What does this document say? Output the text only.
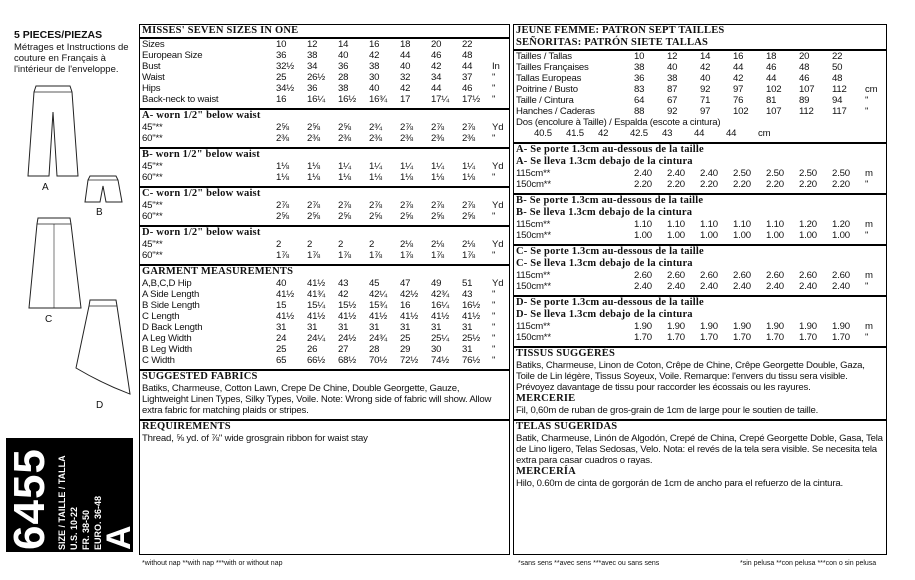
5 PIECES/PIEZAS
Métrages et Instructions de couture en Français à l'intérieur de l'enveloppe.
A
B
C
D
6455 SIZE / TAILLE / TALLA U.S. 10-22 FR. 38-50 EURO. 36-48
A
MISSES' SEVEN SIZES IN ONE
Sizes	10	12	14	16	18	20	22
European Size	36	38	40	42	44	46	48
Bust	32½	34	36	38	40	42	44	In
Waist	25	26½	28	30	32	34	37	"
Hips	34½	36	38	40	42	44	46	"
Back-neck to waist	16	16¼	16½	16¾	17	17¼	17½	"
A- worn 1/2" below waist
45"**	2⅝	2⅝	2⅝	2¾	2⅞	2⅞	2⅞	Yd
60"**	2⅜	2⅜	2⅜	2⅜	2⅜	2⅜	2⅜	"
B- worn 1/2" below waist
45"**	1⅛	1⅛	1¼	1¼	1¼	1¼	1¼	Yd
60"**	1⅛	1⅛	1⅛	1⅛	1⅛	1⅛	1⅛	"
C- worn 1/2" below waist
45"**	2⅞	2⅞	2⅞	2⅞	2⅞	2⅞	2⅞	Yd
60"**	2⅝	2⅝	2⅝	2⅝	2⅝	2⅝	2⅝	"
D- worn 1/2" below waist
45"**	2	2	2	2	2⅛	2⅛	2⅛	Yd
60"**	1⅞	1⅞	1⅞	1⅞	1⅞	1⅞	1⅞	"
GARMENT MEASUREMENTS
A,B,C,D Hip	40	41½	43	45	47	49	51	Yd
A Side Length	41½	41¾	42	42¼	42½	42¾	43	"
B Side Length	15	15¼	15½	15¾	16	16¼	16½	"
C Length	41½	41½	41½	41½	41½	41½	41½	"
D Back Length	31	31	31	31	31	31	31	"
A Leg Width	24	24¼	24½	24¾	25	25¼	25½	"
B Leg Width	25	26	27	28	29	30	31	"
C Width	65	66½	68½	70½	72½	74½	76½	"
SUGGESTED FABRICS
Batiks, Charmeuse, Cotton Lawn, Crepe De Chine, Double Georgette, Gauze, Lightweight Linen Types, Silky Types, Voile. Note: Wrong side of fabric will show. Allow extra fabric for matching plaids or stripes.
REQUIREMENTS
Thread, ⅝ yd. of ⅞" wide grosgrain ribbon for waist stay
*without nap **with nap ***with or without nap
JEUNE FEMME: PATRON SEPT TAILLES
SEÑORITAS: PATRÓN SIETE TALLAS
Tailles / Tallas	10	12	14	16	18	20	22
Tailles Françaises	38	40	42	44	46	48	50
Tallas Europeas	36	38	40	42	44	46	48
Poitrine / Busto	83	87	92	97	102	107	112	cm
Taille / Cintura	64	67	71	76	81	89	94	"
Hanches / Caderas	88	92	97	102	107	112	117	"
Dos (encolure à Taille) / Espalda (escote a cintura)
40.5	41.5	42	42.5	43	44	44	cm
A- Se porte 1.3cm au-dessous de la taille
A- Se lleva 1.3cm debajo de la cintura
115cm**	2.40	2.40	2.40	2.50	2.50	2.50	2.50	m
150cm**	2.20	2.20	2.20	2.20	2.20	2.20	2.20	"
B- Se porte 1.3cm au-dessous de la taille
B- Se lleva 1.3cm debajo de la cintura
115cm**	1.10	1.10	1.10	1.10	1.10	1.20	1.20	m
150cm**	1.00	1.00	1.00	1.00	1.00	1.00	1.00	"
C- Se porte 1.3cm au-dessous de la taille
C- Se lleva 1.3cm debajo de la cintura
115cm**	2.60	2.60	2.60	2.60	2.60	2.60	2.60	m
150cm**	2.40	2.40	2.40	2.40	2.40	2.40	2.40	"
D- Se porte 1.3cm au-dessous de la taille
D- Se lleva 1.3cm debajo de la cintura
115cm**	1.90	1.90	1.90	1.90	1.90	1.90	1.90	m
150cm**	1.70	1.70	1.70	1.70	1.70	1.70	1.70	"
TISSUS SUGGÉRÉS
Batiks, Charmeuse, Linon de Coton, Crêpe de Chine, Crêpe Georgette Double, Gaza, Toile de Lin légère, Tissus Soyeux, Voile. Remarque: l'envers du tissu sera visible. Prévoyez davantage de tissu pour raccorder les écossais ou les rayures.
MERCERIE
Fil, 0,60m de ruban de gros-grain de 1cm de large pour le soutien de taille.
TELAS SUGERIDAS
Batik, Charmeuse, Linón de Algodón, Crepé de China, Crepé Georgette Doble, Gasa, Tela de Lino ligero, Telas Sedosas, Velo. Nota: el revés de la tela sera visible. Se necesita tela extra para casar cuadros o rayas.
MERCERÍA
Hilo, 0.60m de cinta de gorgorán de 1cm de ancho para el refuerzo de la cintura.
*sans sens **avec sens ***avec ou sans sens	*sin pelusa **con pelusa ***con o sin pelusa
